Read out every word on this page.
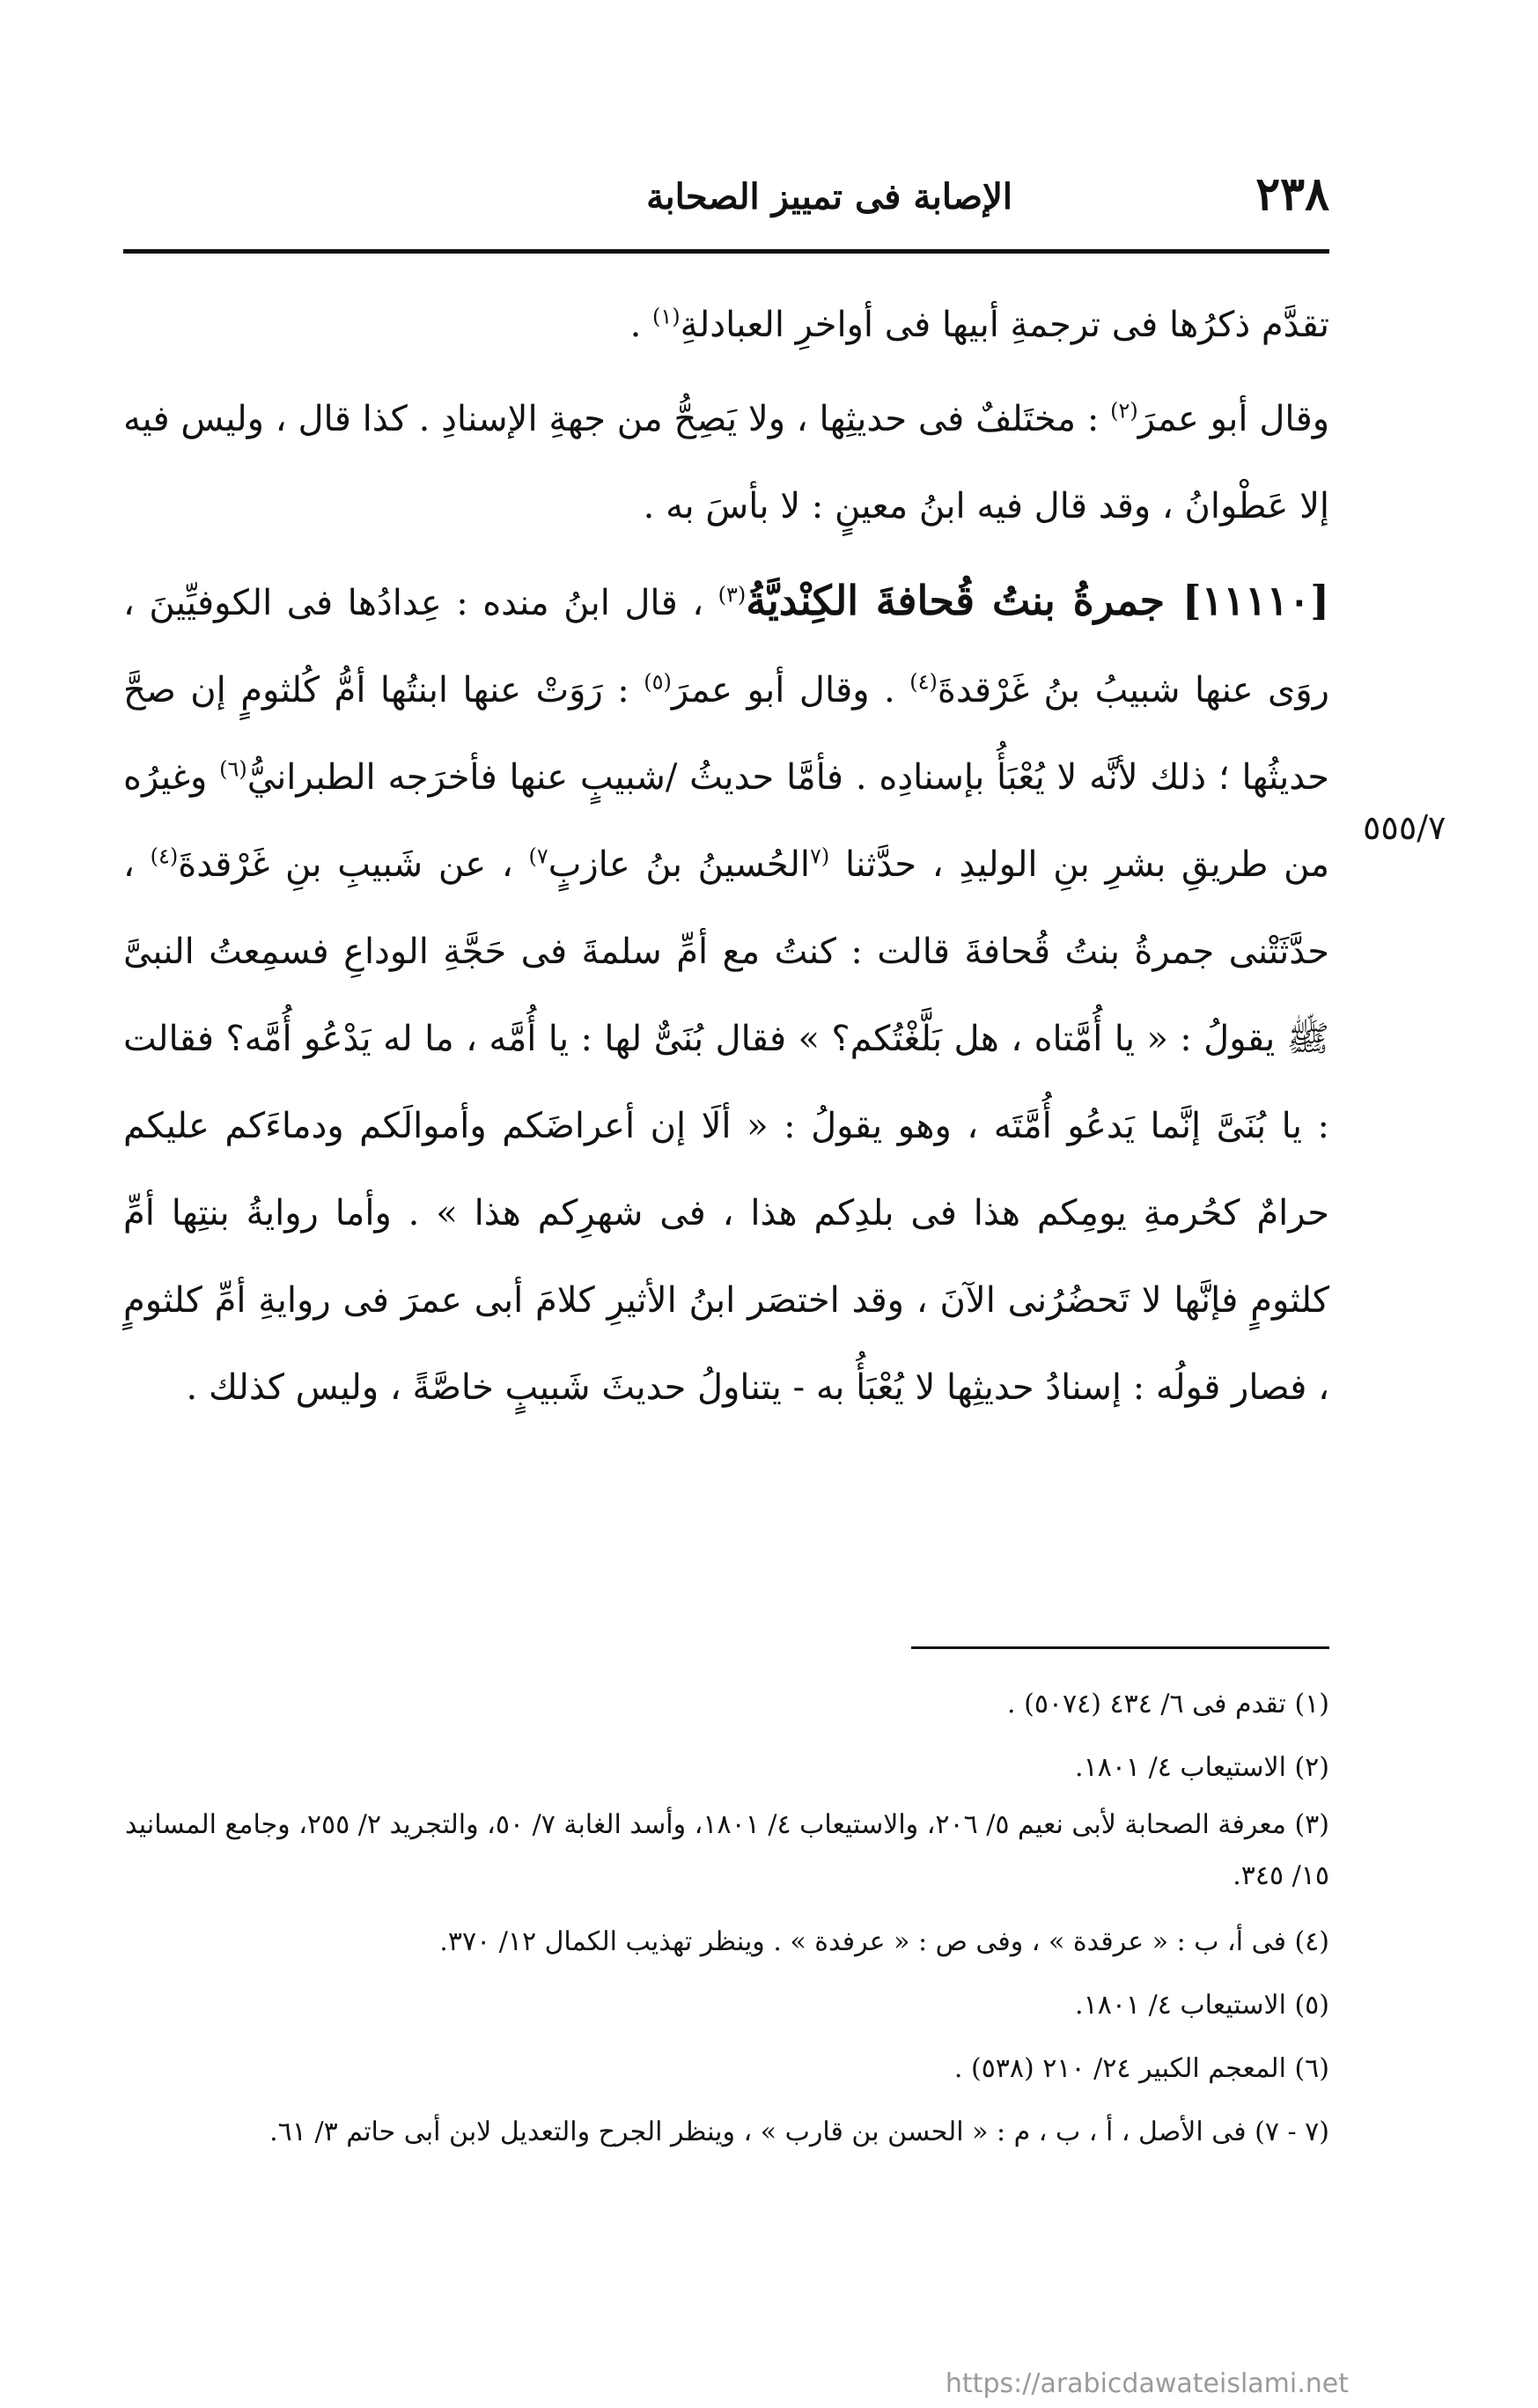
٢٣٨
الإصابة فى تمييز الصحابة
٥٥٥/٧

تقدَّم ذكرُها فى ترجمةِ أبيها فى أواخرِ العبادلةِ$^{(١)}$ .

وقال أبو عمرَ$^{(٢)}$ : مختَلفٌ فى حديثِها ، ولا يَصِحُّ من جهةِ الإسنادِ . كذا قال ، وليس فيه إلا عَطْوانُ ، وقد قال فيه ابنُ معينٍ : لا بأسَ به .

[١١١١٠] جمرةُ بنتُ قُحافةَ الكِنْديَّةُ$^{(٣)}$ ، قال ابنُ منده : عِدادُها فى الكوفيِّينَ ، روَى عنها شبيبُ بنُ غَرْقدةَ$^{(٤)}$ . وقال أبو عمرَ$^{(٥)}$ : رَوَتْ عنها ابنتُها أمُّ كُلثومٍ إن صحَّ حديثُها ؛ ذلك لأنَّه لا يُعْبَأُ بإسنادِه . فأمَّا حديثُ /شبيبٍ عنها فأخرَجه الطبرانيُّ$^{(٦)}$ وغيرُه من طريقِ بشرِ بنِ الوليدِ ، حدَّثنا $^{(٧}$الحُسينُ بنُ عازبٍ$^{٧)}$ ، عن شَبيبِ بنِ غَرْقدةَ$^{(٤)}$ ، حدَّثَتْنى جمرةُ بنتُ قُحافةَ قالت : كنتُ مع أمِّ سلمةَ فى حَجَّةِ الوداعِ فسمِعتُ النبىَّ ﷺ يقولُ : « يا أُمَّتاه ، هل بَلَّغْتُكم؟ » فقال بُنَىٌّ لها : يا أُمَّه ، ما له يَدْعُو أُمَّه؟ فقالت : يا بُنَىَّ إنَّما يَدعُو أُمَّتَه ، وهو يقولُ : « ألَا إن أعراضَكم وأموالَكم ودماءَكم عليكم حرامٌ كحُرمةِ يومِكم هذا فى بلدِكم هذا ، فى شهرِكم هذا » . وأما روايةُ بنتِها أمِّ كلثومٍ فإنَّها لا تَحضُرُنى الآنَ ، وقد اختصَر ابنُ الأثيرِ كلامَ أبى عمرَ فى روايةِ أمِّ كلثومٍ ، فصار قولُه : إسنادُ حديثِها لا يُعْبَأُ به - يتناولُ حديثَ شَبيبٍ خاصَّةً ، وليس كذلك .

(١) تقدم فى ٦/ ٤٣٤ (٥٠٧٤) .

(٢) الاستيعاب ٤/ ١٨٠١.

(٣) معرفة الصحابة لأبى نعيم ٥/ ٢٠٦، والاستيعاب ٤/ ١٨٠١، وأسد الغابة ٧/ ٥٠، والتجريد ٢/ ٢٥٥، وجامع المسانيد ١٥/ ٣٤٥.

(٤) فى أ، ب : « عرقدة » ، وفى ص : « عرفدة » . وينظر تهذيب الكمال ١٢/ ٣٧٠.

(٥) الاستيعاب ٤/ ١٨٠١.

(٦) المعجم الكبير ٢٤/ ٢١٠ (٥٣٨) .

(٧ - ٧) فى الأصل ، أ ، ب ، م : « الحسن بن قارب » ، وينظر الجرح والتعديل لابن أبى حاتم ٣/ ٦١.

https://arabicdawateislami.net
